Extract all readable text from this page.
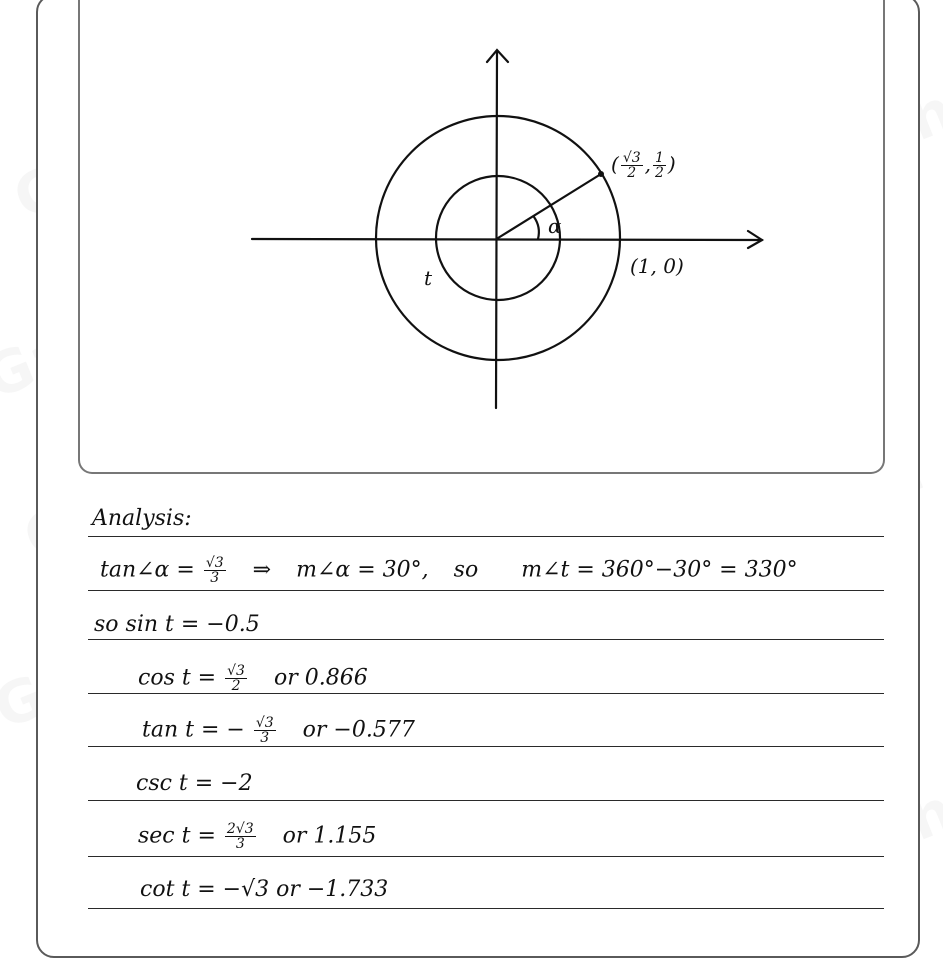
( $\frac{√3}{2}$ , $\frac{1}{2}$ )
α
t	(1, 0)
Analysis:
tan∠α = $\frac{√3}{3}$ ⇒ m∠α = 30°, so m∠t = 360°−30° = 330°
so sin t = −0.5
$\cos t = \frac{√3}{2}$ or 0.866
tan t = − $\frac{√3}{3}$ or −0.577
csc t = −2
$\sec t = \frac{2√3}{3}$ or 1.155
cot t = −√3 or −1.733
